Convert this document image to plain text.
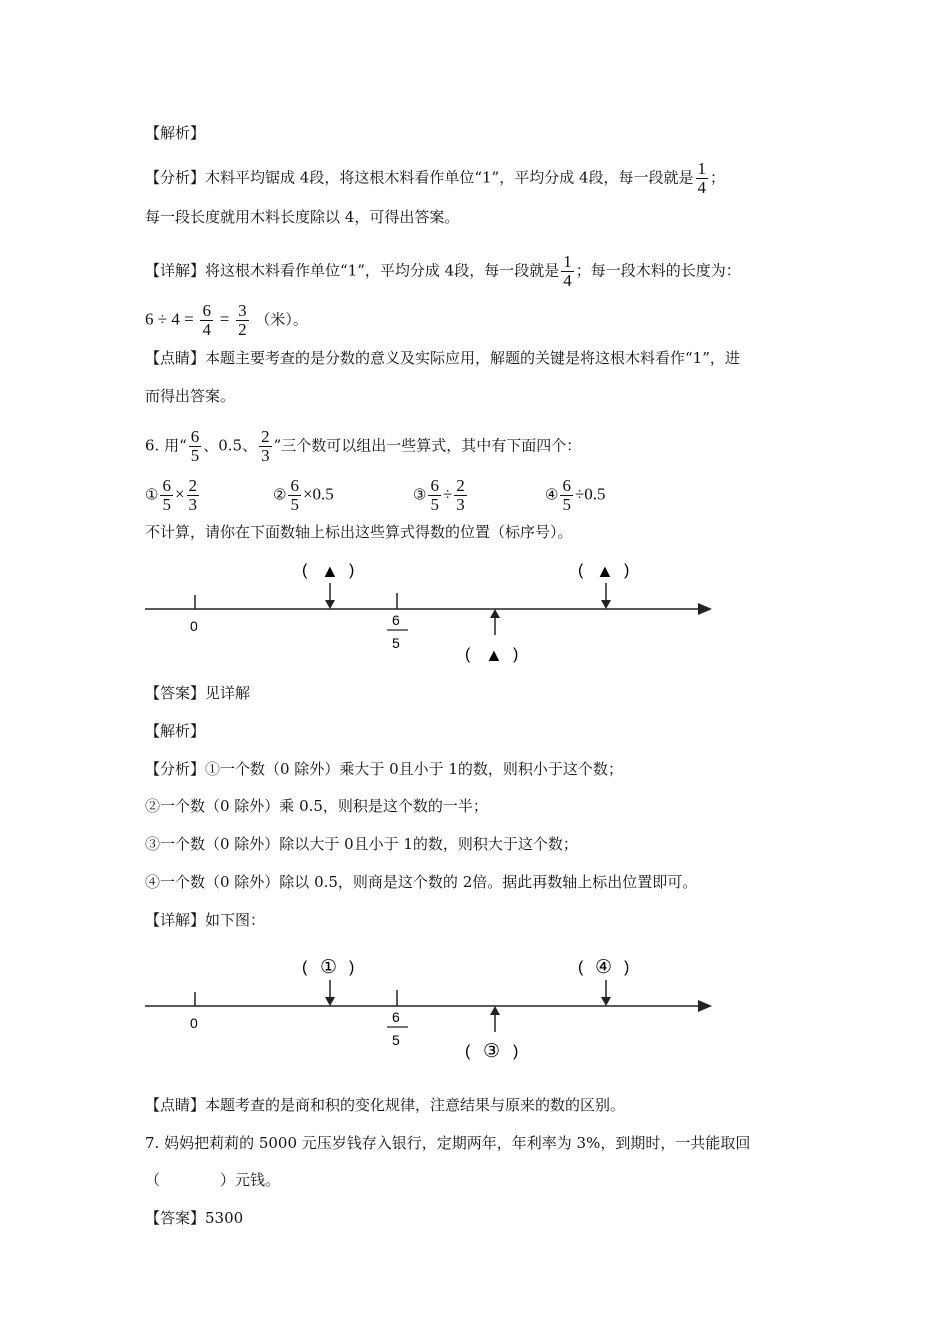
【解析】
【分析】木料平均锯成 4段，将这根木料看作单位“1”，平均分成 4段，每一段就是 $\frac{1}{4}$ ；
每一段长度就用木料长度除以 4，可得出答案。
【详解】将这根木料看作单位“1”，平均分成 4段，每一段就是 $\frac{1}{4}$ ；每一段木料的长度为：
$6 \div 4 = \frac{6}{4} = \frac{3}{2}$ （米）。
【点睛】本题主要考查的是分数的意义及实际应用，解题的关键是将这根木料看作“1”，进
而得出答案。
6. 用“ $\frac{6}{5}$ 、0.5、 $\frac{2}{3}$ ”三个数可以组出一些算式，其中有下面四个：
① $\frac{6}{5} \times \frac{2}{3}$	② $\frac{6}{5} \times 0.5$	③ $\frac{6}{5} \div \frac{2}{3}$	④ $\frac{6}{5} \div 0.5$
不计算，请你在下面数轴上标出这些算式得数的位置（标序号）。
0	6
5
( ▲ )	( ▲ )
( ▲ )
【答案】见详解
【解析】
【分析】①一个数（0 除外）乘大于 0且小于 1的数，则积小于这个数；
②一个数（0 除外）乘 0.5，则积是这个数的一半；
③一个数（0 除外）除以大于 0且小于 1的数，则积大于这个数；
④一个数（0 除外）除以 0.5，则商是这个数的 2倍。据此再数轴上标出位置即可。
【详解】如下图：
0	6
5
( ① )	( ④ )
( ③ )
【点睛】本题考查的是商和积的变化规律，注意结果与原来的数的区别。
7. 妈妈把莉莉的 5000 元压岁钱存入银行，定期两年，年利率为 3%，到期时，一共能取回
（　　　　）元钱。
【答案】5300
